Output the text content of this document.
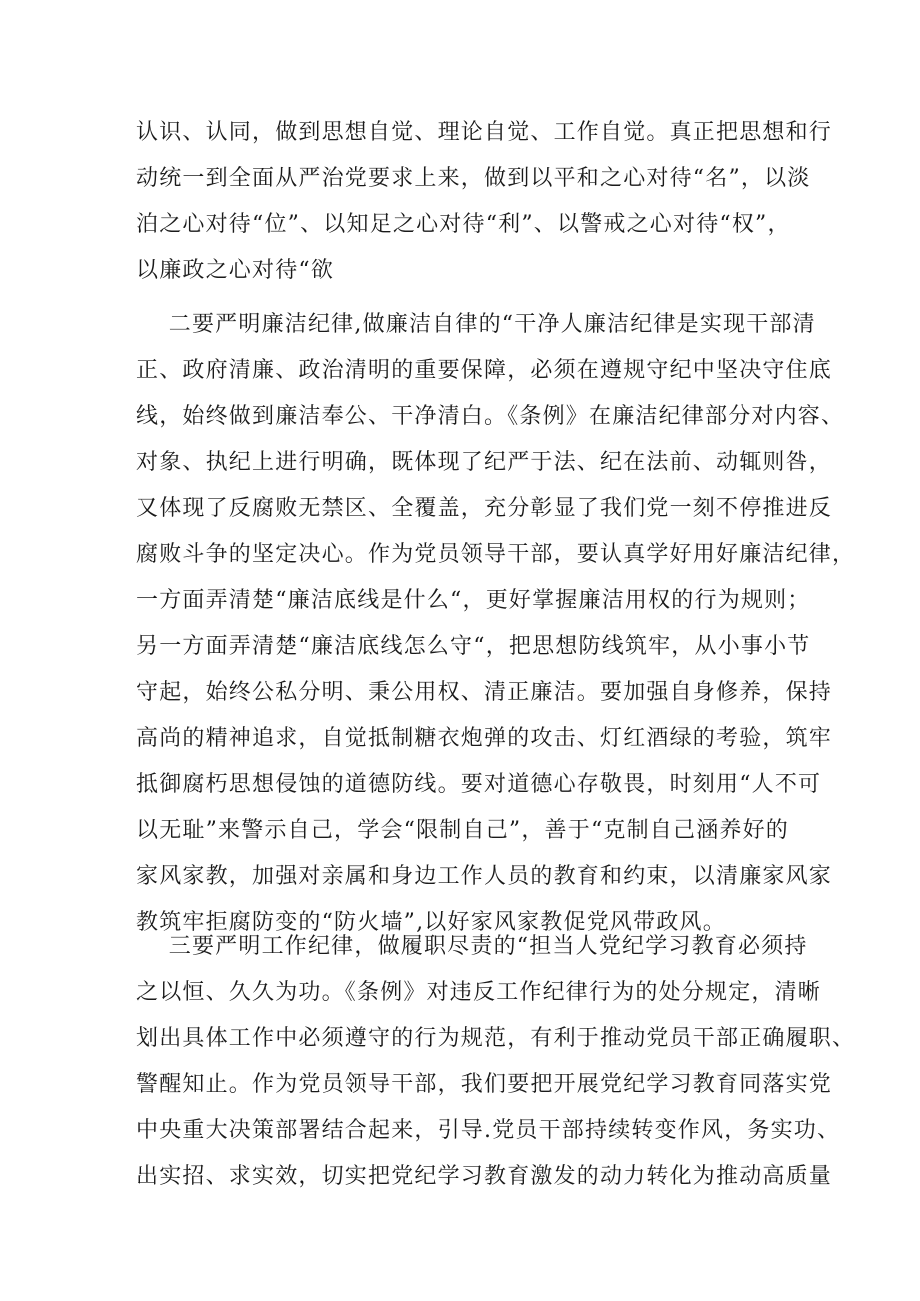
认识、认同，做到思想自觉、理论自觉、工作自觉。真正把思想和行
动统一到全面从严治党要求上来，做到以平和之心对待“名”，以淡
泊之心对待“位”、以知足之心对待“利”、以警戒之心对待“权”，
以廉政之心对待“欲
二要严明廉洁纪律,做廉洁自律的“干净人廉洁纪律是实现干部清
正、政府清廉、政治清明的重要保障，必须在遵规守纪中坚决守住底
线，始终做到廉洁奉公、干净清白。《条例》在廉洁纪律部分对内容、
对象、执纪上进行明确，既体现了纪严于法、纪在法前、动辄则咎，
又体现了反腐败无禁区、全覆盖，充分彰显了我们党一刻不停推进反
腐败斗争的坚定决心。作为党员领导干部，要认真学好用好廉洁纪律，
一方面弄清楚“廉洁底线是什么“，更好掌握廉洁用权的行为规则；
另一方面弄清楚“廉洁底线怎么守“，把思想防线筑牢，从小事小节
守起，始终公私分明、秉公用权、清正廉洁。要加强自身修养，保持
高尚的精神追求，自觉抵制糖衣炮弹的攻击、灯红酒绿的考验，筑牢
抵御腐朽思想侵蚀的道德防线。要对道德心存敬畏，时刻用“人不可
以无耻”来警示自己，学会“限制自己”，善于“克制自己涵养好的
家风家教，加强对亲属和身边工作人员的教育和约束，以清廉家风家
教筑牢拒腐防变的“防火墙”,以好家风家教促党风带政风。
三要严明工作纪律，做履职尽责的“担当人党纪学习教育必须持
之以恒、久久为功。《条例》对违反工作纪律行为的处分规定，清晰
划出具体工作中必须遵守的行为规范，有利于推动党员干部正确履职、
警醒知止。作为党员领导干部，我们要把开展党纪学习教育同落实党
中央重大决策部署结合起来，引导.党员干部持续转变作风，务实功、
出实招、求实效，切实把党纪学习教育激发的动力转化为推动高质量
